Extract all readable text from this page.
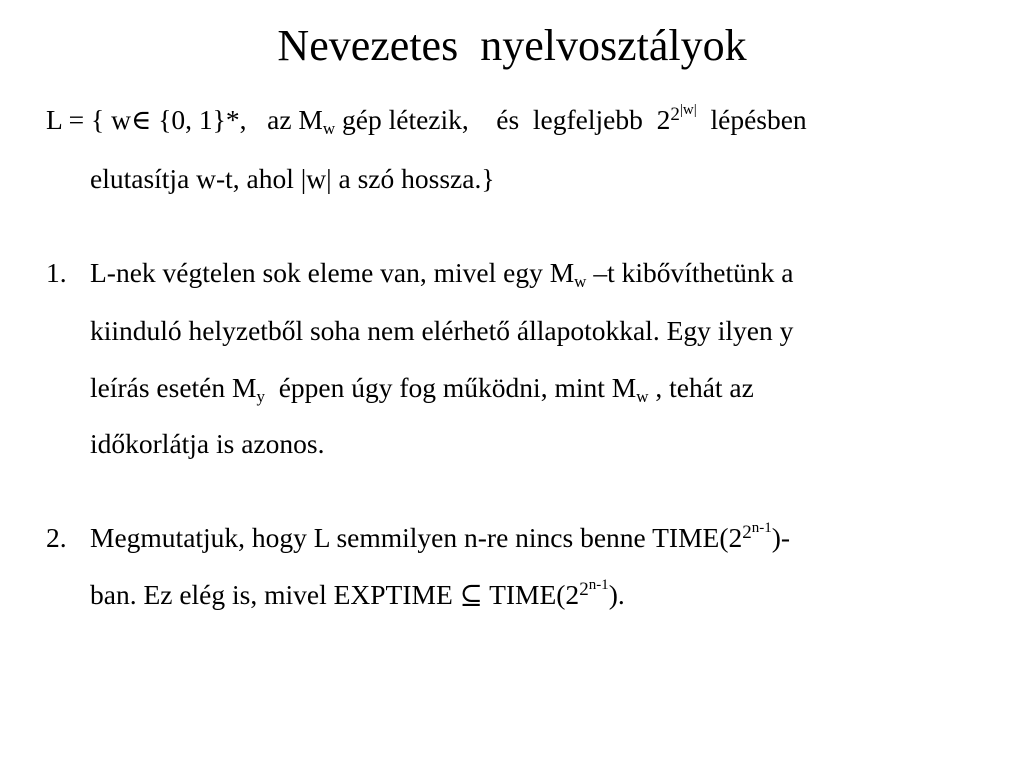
Nevezetes  nyelvosztályok
L = { w∈ {0, 1}*,   az $M_w$ gép létezik,    és  legfeljebb  $2^{2^{|w|}}$  lépésben
elutasítja w-t, ahol |w| a szó hossza.}
1. L-nek végtelen sok eleme van, mivel egy $M_w$ –t kibővíthetünk a
kiinduló helyzetből soha nem elérhető állapotokkal. Egy ilyen y
leírás esetén $M_y$  éppen úgy fog működni, mint $M_w$ , tehát az
időkorlátja is azonos.
2. Megmutatjuk, hogy L semmilyen n-re nincs benne $TIME(2^{2^{n-1}})-$
ban. Ez elég is, mivel EXPTIME ⊆ $TIME(2^{2^{n-1}})$.
